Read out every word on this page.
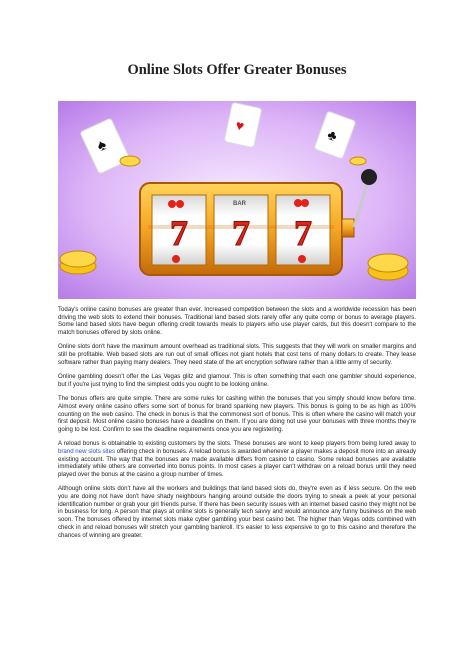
Online Slots Offer Greater Bonuses
♠
♥
♣
BAR
7 7 7

Today's online casino bonuses are greater than ever. Increased competition between the slots and a worldwide recession has been driving the web slots to extend their bonuses. Traditional land based slots rarely offer any quite comp or bonus to average players. Some land based slots have begun offering credit towards meals to players who use player cards, but this doesn't compare to the match bonuses offered by slots online.

Online slots don't have the maximum amount overhead as traditional slots. This suggests that they will work on smaller margins and still be profitable. Web based slots are run out of small offices not giant hotels that cost tens of many dollars to create. They lease software rather than paying many dealers. They need state of the art encryption software rather than a little army of security.

Online gambling doesn't offer the Las Vegas glitz and glamour. This is often something that each one gambler should experience, but if you're just trying to find the simplest odds you ought to be looking online.

The bonus offers are quite simple. There are some rules for cashing within the bonuses that you simply should know before time. Almost every online casino offers some sort of bonus for brand spanking new players. This bonus is going to be as high as 100% counting on the web casino. The check in bonus is that the commonest sort of bonus. This is often where the casino will match your first deposit. Most online casino bonuses have a deadline on them. If you are doing not use your bonuses with three months they're going to be lost. Confirm to see the deadline requirements once you are registering.

A reload bonus is obtainable to existing customers by the slots. These bonuses are wont to keep players from being lured away to brand new slots sites offering check in bonuses. A reload bonus is awarded whenever a player makes a deposit more into an already existing account. The way that the bonuses are made available differs from casino to casino. Some reload bonuses are available immediately while others are converted into bonus points. In most cases a player can't withdraw on a reload bonus until they need played over the bonus at the casino a group number of times.

Although online slots don't have all the workers and buildings that land based slots do, they're even as if less secure. On the web you are doing not have don't have shady neighbours hanging around outside the doors trying to sneak a peek at your personal identification number or grab your girl friends purse. If there has been security issues with an internet based casino they might not be in business for long. A person that plays at online slots is generally tech savvy and would announce any funny business on the web soon. The bonuses offered by internet slots make cyber gambling your best casino bet. The higher than Vegas odds combined with check in and reload bonuses will stretch your gambling bankroll. It's easier to less expensive to go to this casino and therefore the chances of winning are greater.
